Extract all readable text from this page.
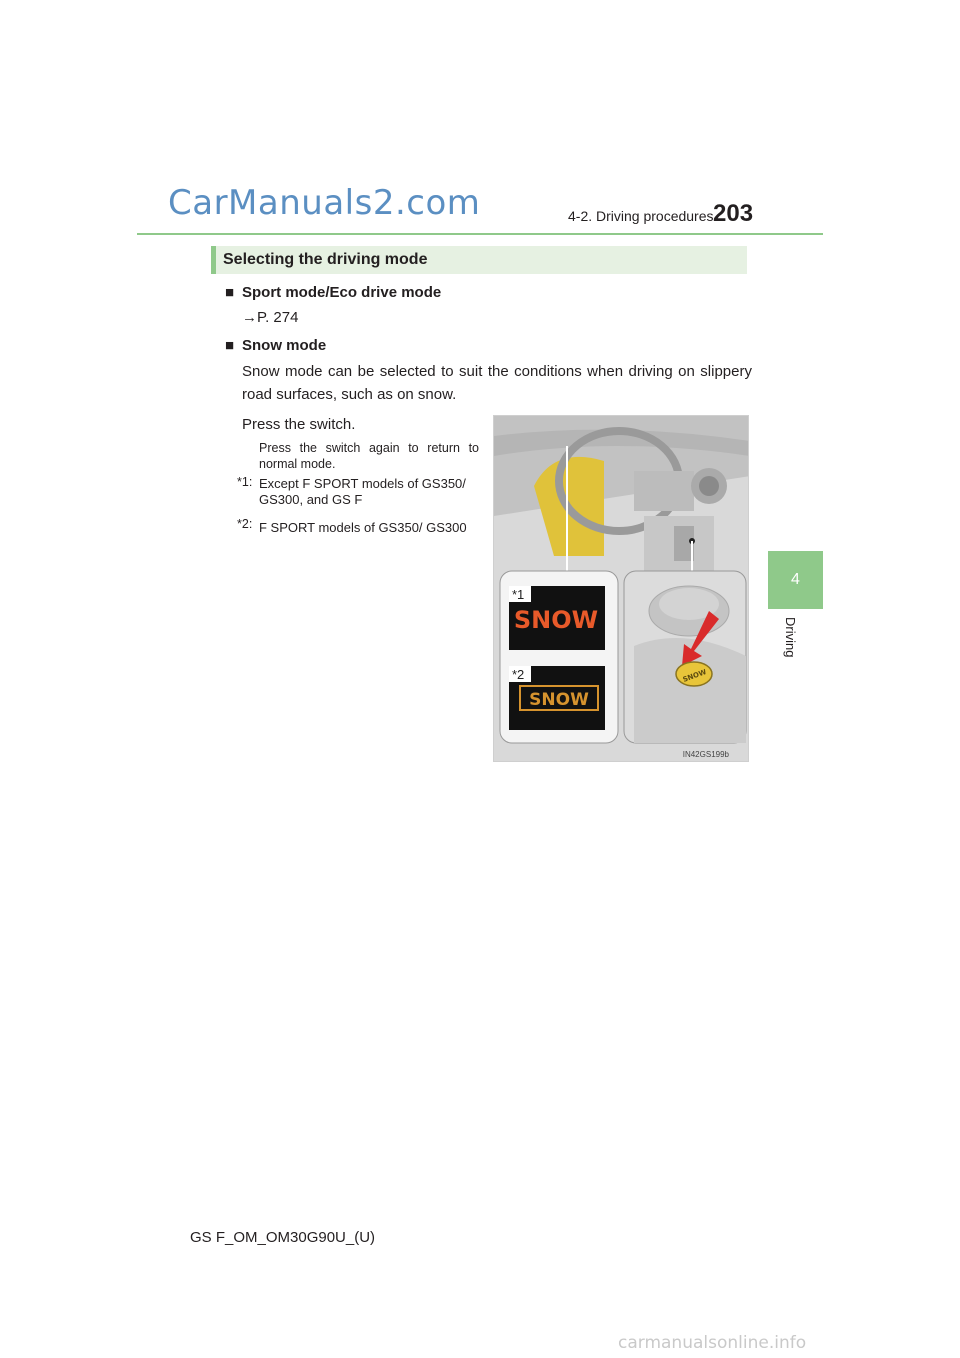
CarManuals2.com	4-2. Driving procedures 203
4
Driving
Selecting the driving mode
■ Sport mode/Eco drive mode
→P. 274
■ Snow mode
Snow mode can be selected to suit the conditions when driving on slippery
road surfaces, such as on snow.
Press the switch.
Press the switch again to return to normal mode.
*1: Except F SPORT models of GS350/ GS300, and GS F
*2: F SPORT models of GS350/ GS300
*1
SNOW
*2
SNOW
SNOW
IN42GS199b
GS F_OM_OM30G90U_(U)
carmanualsonline.info
